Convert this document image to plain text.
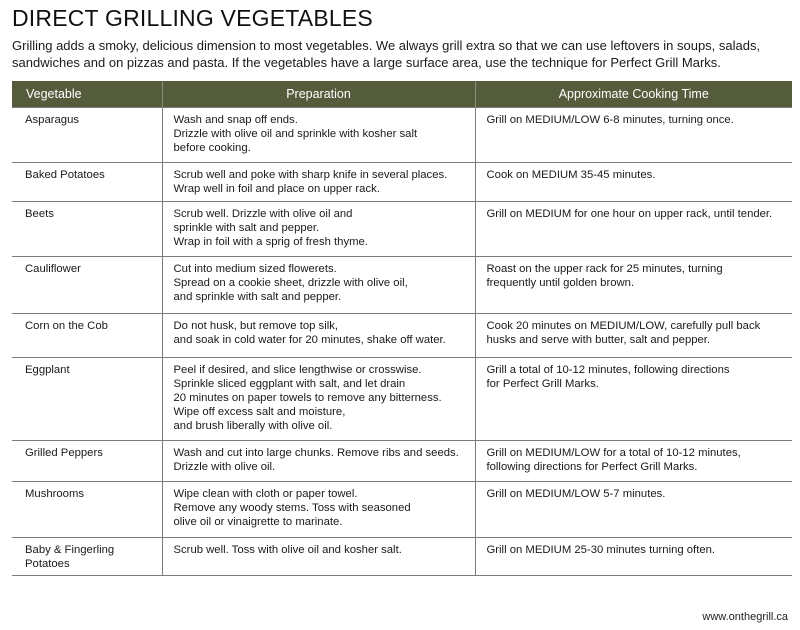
DIRECT GRILLING VEGETABLES
Grilling adds a smoky, delicious dimension to most vegetables. We always grill extra so that we can use leftovers in soups, salads, sandwiches and on pizzas and pasta. If the vegetables have a large surface area, use the technique for Perfect Grill Marks.
Vegetable	Preparation	Approximate Cooking Time
Asparagus	Wash and snap off ends.
Drizzle with olive oil and sprinkle with kosher salt
before cooking.	Grill on MEDIUM/LOW 6-8 minutes, turning once.
Baked Potatoes	Scrub well and poke with sharp knife in several places.
Wrap well in foil and place on upper rack.	Cook on MEDIUM 35-45 minutes.
Beets	Scrub well. Drizzle with olive oil and
sprinkle with salt and pepper.
Wrap in foil with a sprig of fresh thyme.	Grill on MEDIUM for one hour on upper rack, until tender.
Cauliflower	Cut into medium sized flowerets.
Spread on a cookie sheet, drizzle with olive oil,
and sprinkle with salt and pepper.	Roast on the upper rack for 25 minutes, turning
frequently until golden brown.
Corn on the Cob	Do not husk, but remove top silk,
and soak in cold water for 20 minutes, shake off water.	Cook 20 minutes on MEDIUM/LOW, carefully pull back
husks and serve with butter, salt and pepper.
Eggplant	Peel if desired, and slice lengthwise or crosswise.
Sprinkle sliced eggplant with salt, and let drain
20 minutes on paper towels to remove any bitterness.
Wipe off excess salt and moisture,
and brush liberally with olive oil.	Grill a total of 10-12 minutes, following directions
for Perfect Grill Marks.
Grilled Peppers	Wash and cut into large chunks. Remove ribs and seeds.
Drizzle with olive oil.	Grill on MEDIUM/LOW for a total of 10-12 minutes,
following directions for Perfect Grill Marks.
Mushrooms	Wipe clean with cloth or paper towel.
Remove any woody stems. Toss with seasoned
olive oil or vinaigrette to marinate.	Grill on MEDIUM/LOW 5-7 minutes.
Baby & Fingerling Potatoes	Scrub well. Toss with olive oil and kosher salt.	Grill on MEDIUM 25-30 minutes turning often.
www.onthegrill.ca
